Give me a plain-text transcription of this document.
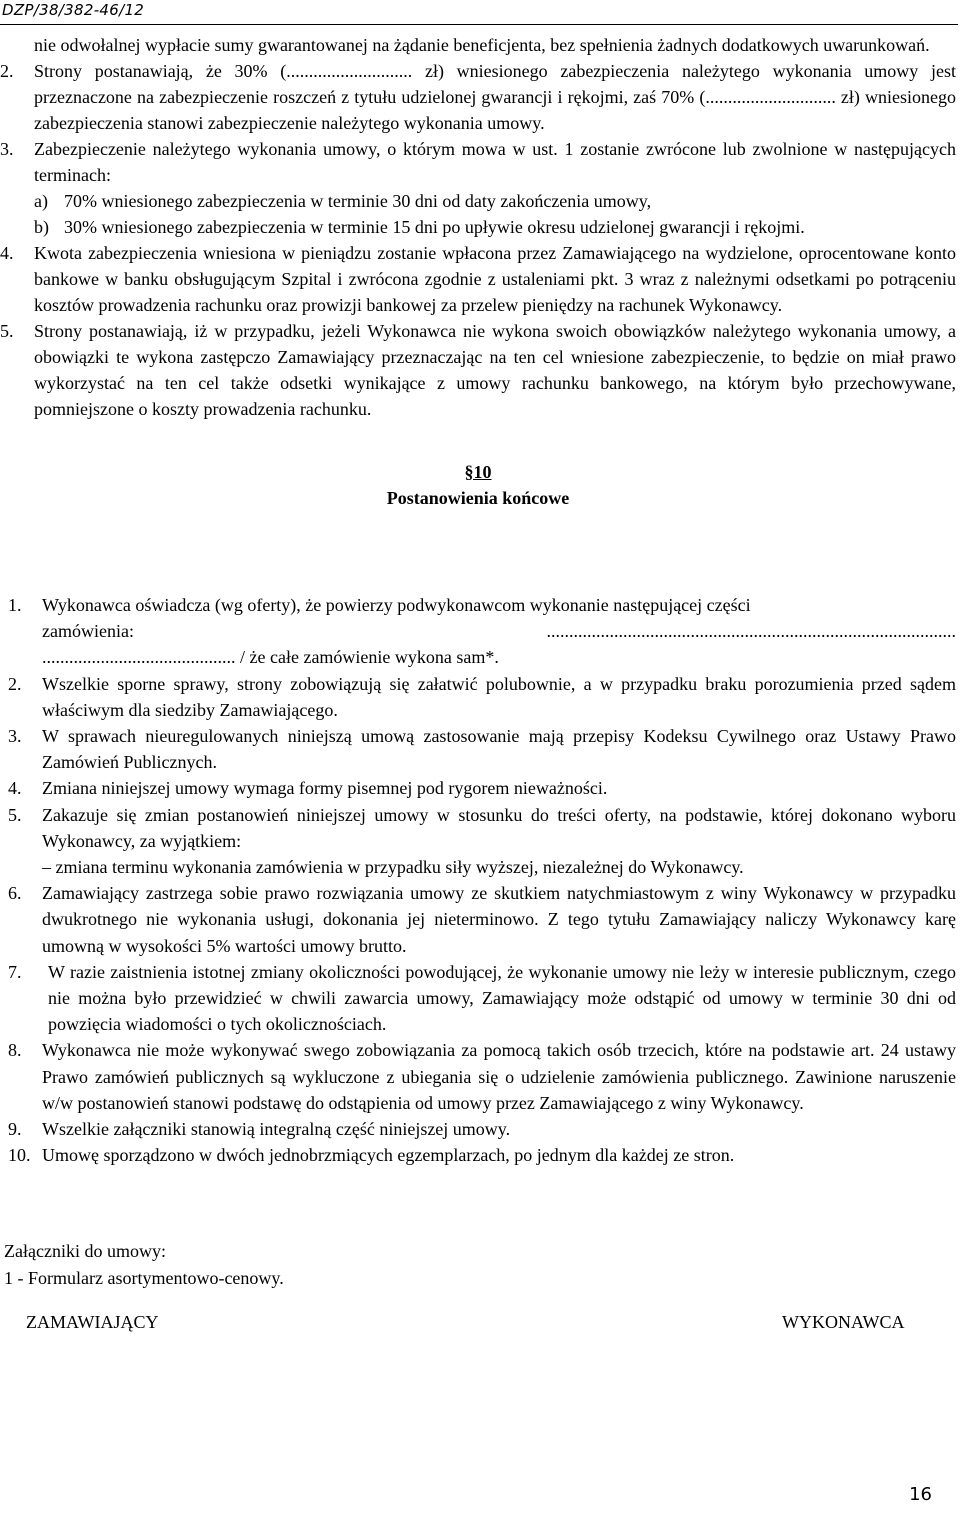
DZP/38/382-46/12

nie odwołalnej wypłacie sumy gwarantowanej na żądanie beneficjenta, bez spełnienia żadnych dodatkowych uwarunkowań.

2.	Strony postanawiają, że 30% (............................ zł) wniesionego zabezpieczenia należytego wykonania umowy jest przeznaczone na zabezpieczenie roszczeń z tytułu udzielonej gwarancji i rękojmi, zaś 70% (............................. zł) wniesionego zabezpieczenia stanowi zabezpieczenie należytego wykonania umowy.
3.	Zabezpieczenie należytego wykonania umowy, o którym mowa w ust. 1 zostanie zwrócone lub zwolnione w następujących terminach:
a) 70% wniesionego zabezpieczenia w terminie 30 dni od daty zakończenia umowy,
b) 30% wniesionego zabezpieczenia w terminie 15 dni po upływie okresu udzielonej gwarancji i rękojmi.
4.	Kwota zabezpieczenia wniesiona w pieniądzu zostanie wpłacona przez Zamawiającego na wydzielone, oprocentowane konto bankowe w banku obsługującym Szpital i zwrócona zgodnie z ustaleniami pkt. 3 wraz z należnymi odsetkami po potrąceniu kosztów prowadzenia rachunku oraz prowizji bankowej za przelew pieniędzy na rachunek Wykonawcy.
5.	Strony postanawiają, iż w przypadku, jeżeli Wykonawca nie wykona swoich obowiązków należytego wykonania umowy, a obowiązki te wykona zastępczo Zamawiający przeznaczając na ten cel wniesione zabezpieczenie, to będzie on miał prawo wykorzystać na ten cel także odsetki wynikające z umowy rachunku bankowego, na którym było przechowywane, pomniejszone o koszty prowadzenia rachunku.

§10

Postanowienia końcowe

1.	Wykonawca oświadcza (wg oferty), że powierzy podwykonawcom wykonanie następującej części
zamówienia:	...........................................................................................
........................................... / że całe zamówienie wykona sam*.
2.	Wszelkie sporne sprawy, strony zobowiązują się załatwić polubownie, a w przypadku braku porozumienia przed sądem właściwym dla siedziby Zamawiającego.
3.	W sprawach nieuregulowanych niniejszą umową zastosowanie mają przepisy Kodeksu Cywilnego oraz Ustawy Prawo Zamówień Publicznych.
4.	Zmiana niniejszej umowy wymaga formy pisemnej pod rygorem nieważności.
5.	Zakazuje się zmian postanowień niniejszej umowy w stosunku do treści oferty, na podstawie, której dokonano wyboru Wykonawcy, za wyjątkiem:
– zmiana terminu wykonania zamówienia w przypadku siły wyższej, niezależnej do Wykonawcy.
6.	Zamawiający zastrzega sobie prawo rozwiązania umowy ze skutkiem natychmiastowym z winy Wykonawcy w przypadku dwukrotnego nie wykonania usługi, dokonania jej nieterminowo. Z tego tytułu Zamawiający naliczy Wykonawcy karę umowną w wysokości 5% wartości umowy brutto.
7.	W razie zaistnienia istotnej zmiany okoliczności powodującej, że wykonanie umowy nie leży w interesie publicznym, czego nie można było przewidzieć w chwili zawarcia umowy, Zamawiający może odstąpić od umowy w terminie 30 dni od powzięcia wiadomości o tych okolicznościach.
8.	Wykonawca nie może wykonywać swego zobowiązania za pomocą takich osób trzecich, które na podstawie art. 24 ustawy Prawo zamówień publicznych są wykluczone z ubiegania się o udzielenie zamówienia publicznego. Zawinione naruszenie w/w postanowień stanowi podstawę do odstąpienia od umowy przez Zamawiającego z winy Wykonawcy.
9.	Wszelkie załączniki stanowią integralną część niniejszej umowy.
10. Umowę sporządzono w dwóch jednobrzmiących egzemplarzach, po jednym dla każdej ze stron.
Załączniki do umowy:
1 - Formularz asortymentowo-cenowy.
ZAMAWIAJĄCY	WYKONAWCA
16
